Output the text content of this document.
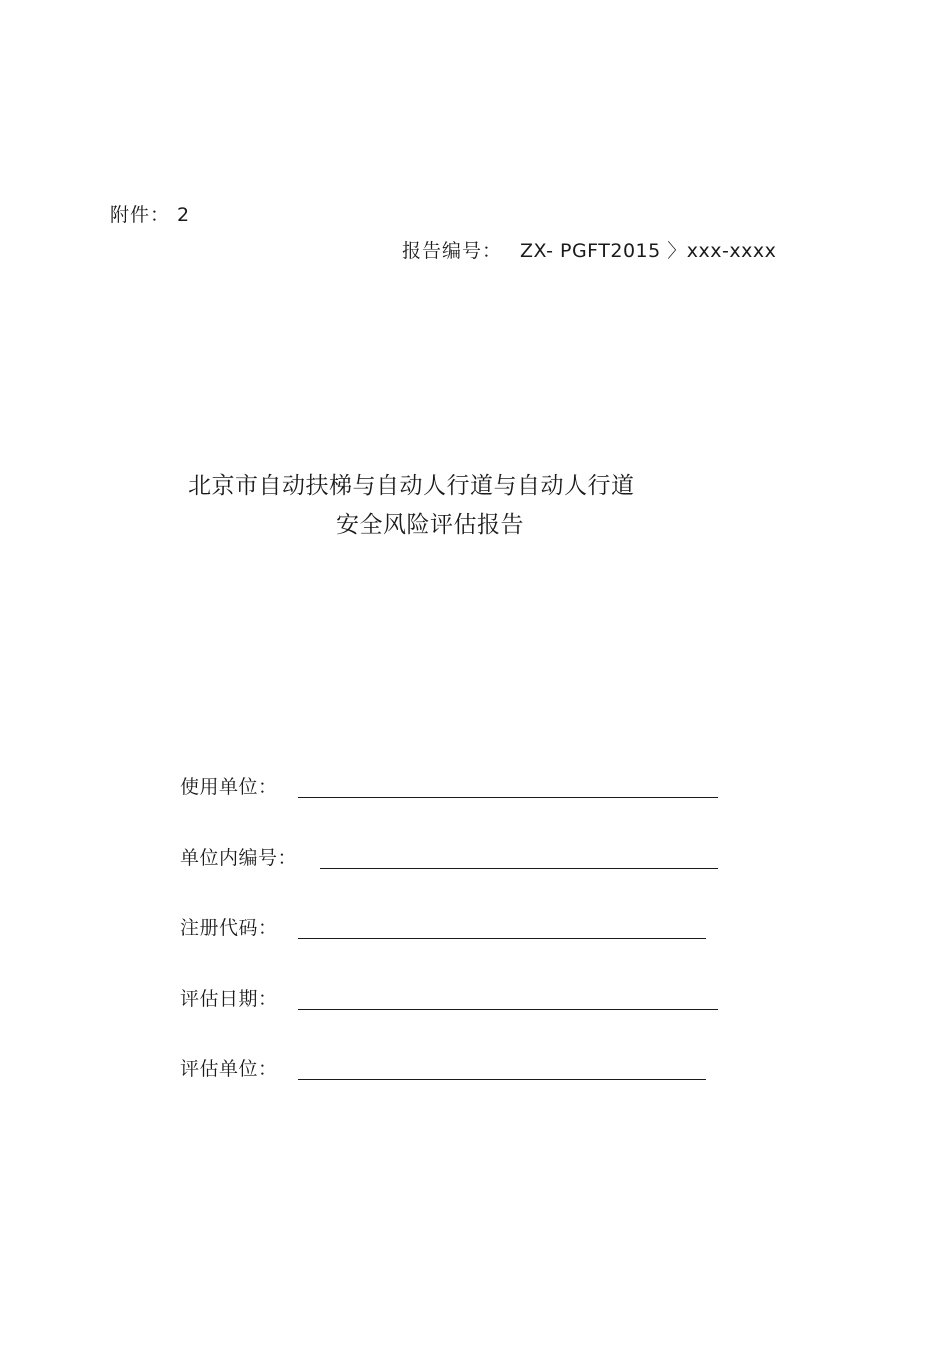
附件： 2
报告编号： ZX- PGFT2015 〉xxx-xxxx
北京市自动扶梯与自动人行道与自动人行道
安全风险评估报告
使用单位：
单位内编号：
注册代码：
评估日期：
评估单位：
